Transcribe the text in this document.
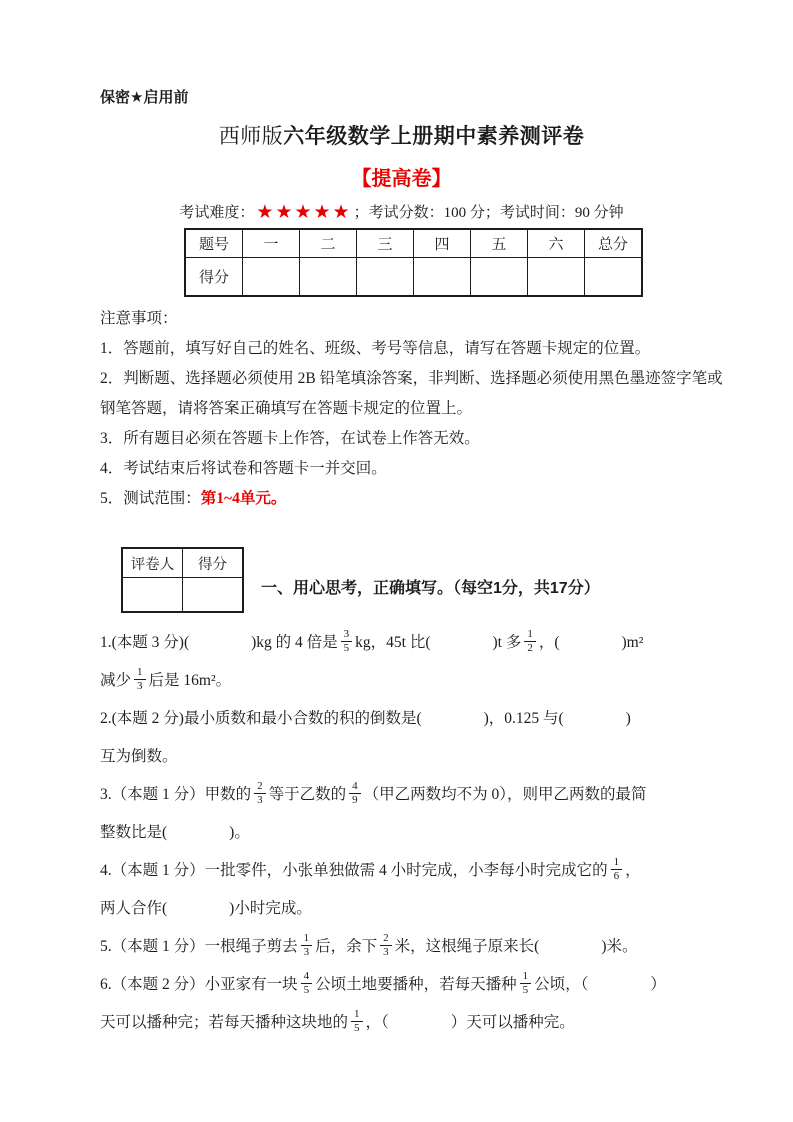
保密★启用前
西师版六年级数学上册期中素养测评卷
【提高卷】
考试难度： ★★★★★ ；考试分数：100 分；考试时间：90 分钟
题号	一	二	三	四	五	六	总分
得分							
注意事项：
1．答题前，填写好自己的姓名、班级、考号等信息，请写在答题卡规定的位置。
2．判断题、选择题必须使用 2B 铅笔填涂答案，非判断、选择题必须使用黑色墨迹签字笔或
钢笔答题，请将答案正确填写在答题卡规定的位置上。
3．所有题目必须在答题卡上作答，在试卷上作答无效。
4．考试结束后将试卷和答题卡一并交回。
5．测试范围：第1~4单元。
评卷人	得分

一、用心思考，正确填写。（每空1分，共17分）
1.(本题 3 分)(　　　　)kg 的 4 倍是 $\frac{3}{5}$ kg，45t 比(　　　　)t 多 $\frac{1}{2}$ ，(　　　　)m²
减少 $\frac{1}{3}$ 后是 16m²。
2.(本题 2 分)最小质数和最小合数的积的倒数是(　　　　)，0.125 与(　　　　)
互为倒数。
3.（本题 1 分）甲数的 $\frac{2}{3}$ 等于乙数的 $\frac{4}{9}$ （甲乙两数均不为 0），则甲乙两数的最简
整数比是(　　　　)。
4.（本题 1 分）一批零件，小张单独做需 4 小时完成，小李每小时完成它的 $\frac{1}{6}$ ，
两人合作(　　　　)小时完成。
5.（本题 1 分）一根绳子剪去 $\frac{1}{3}$ 后，余下 $\frac{2}{3}$ 米，这根绳子原来长(　　　　)米。
6.（本题 2 分）小亚家有一块 $\frac{4}{5}$ 公顷土地要播种，若每天播种 $\frac{1}{5}$ 公顷，（　　　　）
天可以播种完；若每天播种这块地的 $\frac{1}{5}$ ，（　　　　）天可以播种完。
